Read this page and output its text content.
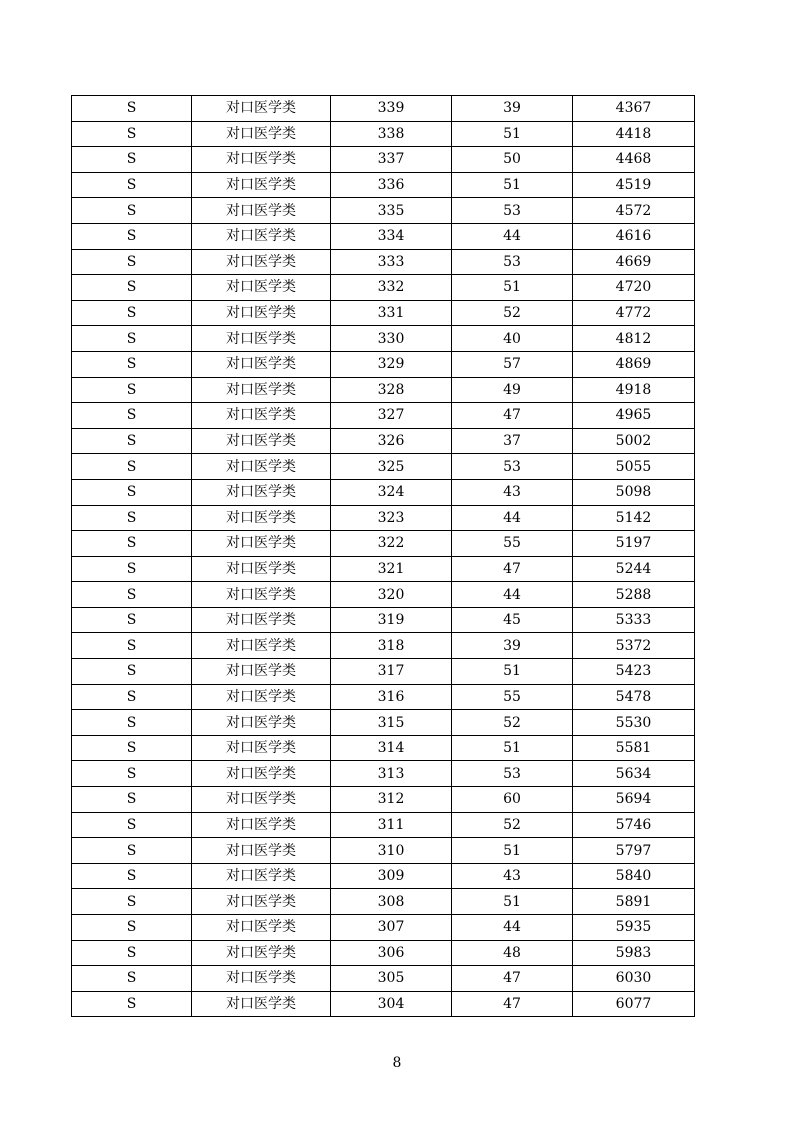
S	对口医学类	339	39	4367
S	对口医学类	338	51	4418
S	对口医学类	337	50	4468
S	对口医学类	336	51	4519
S	对口医学类	335	53	4572
S	对口医学类	334	44	4616
S	对口医学类	333	53	4669
S	对口医学类	332	51	4720
S	对口医学类	331	52	4772
S	对口医学类	330	40	4812
S	对口医学类	329	57	4869
S	对口医学类	328	49	4918
S	对口医学类	327	47	4965
S	对口医学类	326	37	5002
S	对口医学类	325	53	5055
S	对口医学类	324	43	5098
S	对口医学类	323	44	5142
S	对口医学类	322	55	5197
S	对口医学类	321	47	5244
S	对口医学类	320	44	5288
S	对口医学类	319	45	5333
S	对口医学类	318	39	5372
S	对口医学类	317	51	5423
S	对口医学类	316	55	5478
S	对口医学类	315	52	5530
S	对口医学类	314	51	5581
S	对口医学类	313	53	5634
S	对口医学类	312	60	5694
S	对口医学类	311	52	5746
S	对口医学类	310	51	5797
S	对口医学类	309	43	5840
S	对口医学类	308	51	5891
S	对口医学类	307	44	5935
S	对口医学类	306	48	5983
S	对口医学类	305	47	6030
S	对口医学类	304	47	6077
8
